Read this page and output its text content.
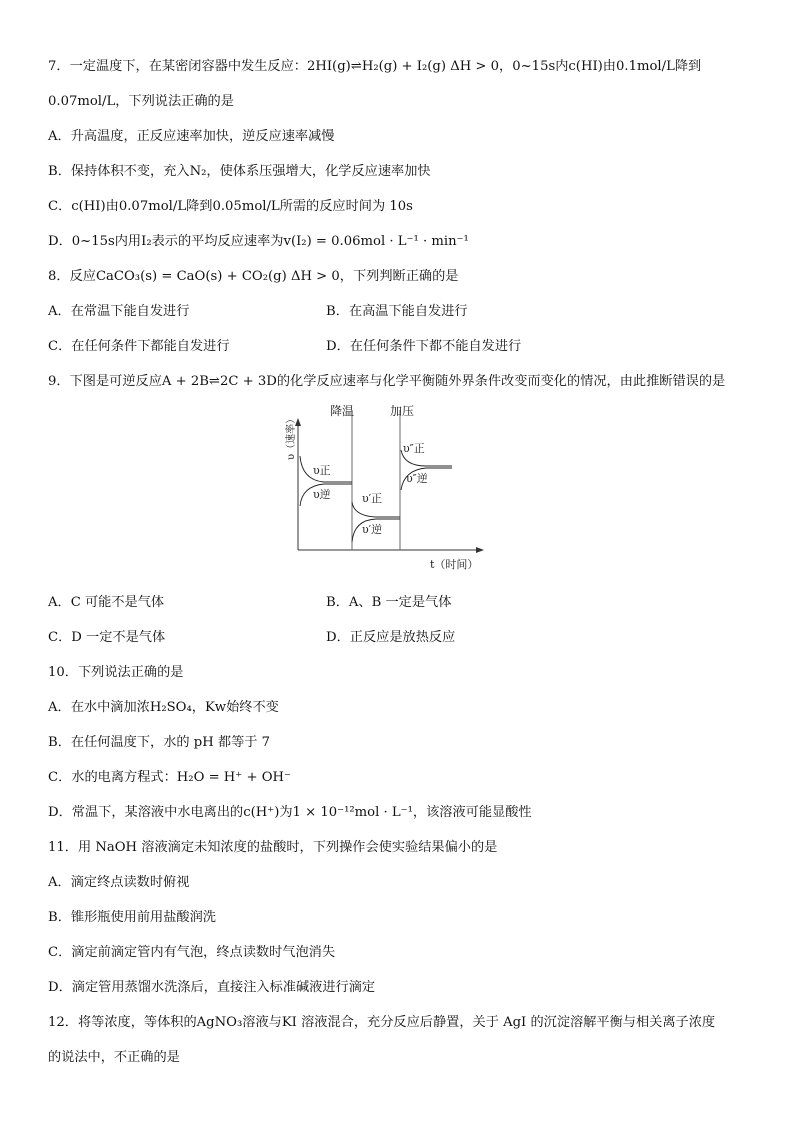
7．一定温度下，在某密闭容器中发生反应：2HI(g)⇌H₂(g) + I₂(g) ΔH > 0，0~15s内c(HI)由0.1mol/L降到
0.07mol/L，下列说法正确的是
A．升高温度，正反应速率加快，逆反应速率减慢
B．保持体积不变，充入N₂，使体系压强增大，化学反应速率加快
C．c(HI)由0.07mol/L降到0.05mol/L所需的反应时间为 10s
D．0~15s内用I₂表示的平均反应速率为v(I₂) = 0.06mol · L⁻¹ · min⁻¹
8．反应CaCO₃(s) = CaO(s) + CO₂(g) ΔH > 0，下列判断正确的是
A．在常温下能自发进行	B．在高温下能自发进行
C．在任何条件下都能自发进行	D．在任何条件下都不能自发进行
9．下图是可逆反应A + 2B⇌2C + 3D的化学反应速率与化学平衡随外界条件改变而变化的情况，由此推断错误的是
降温	加压
υ正
υ逆	υ′正
υ′逆
υ″正
υ″逆
t（时间）
υ（速率）
A．C 可能不是气体	B．A、B 一定是气体
C．D 一定不是气体	D．正反应是放热反应
10．下列说法正确的是
A．在水中滴加浓H₂SO₄，Kw始终不变
B．在任何温度下，水的 pH 都等于 7
C．水的电离方程式：H₂O = H⁺ + OH⁻
D．常温下，某溶液中水电离出的c(H⁺)为1 × 10⁻¹²mol · L⁻¹，该溶液可能显酸性
11．用 NaOH 溶液滴定未知浓度的盐酸时，下列操作会使实验结果偏小的是
A．滴定终点读数时俯视
B．锥形瓶使用前用盐酸润洗
C．滴定前滴定管内有气泡，终点读数时气泡消失
D．滴定管用蒸馏水洗涤后，直接注入标准碱液进行滴定
12．将等浓度，等体积的AgNO₃溶液与KI 溶液混合，充分反应后静置，关于 AgI 的沉淀溶解平衡与相关离子浓度
的说法中，不正确的是
